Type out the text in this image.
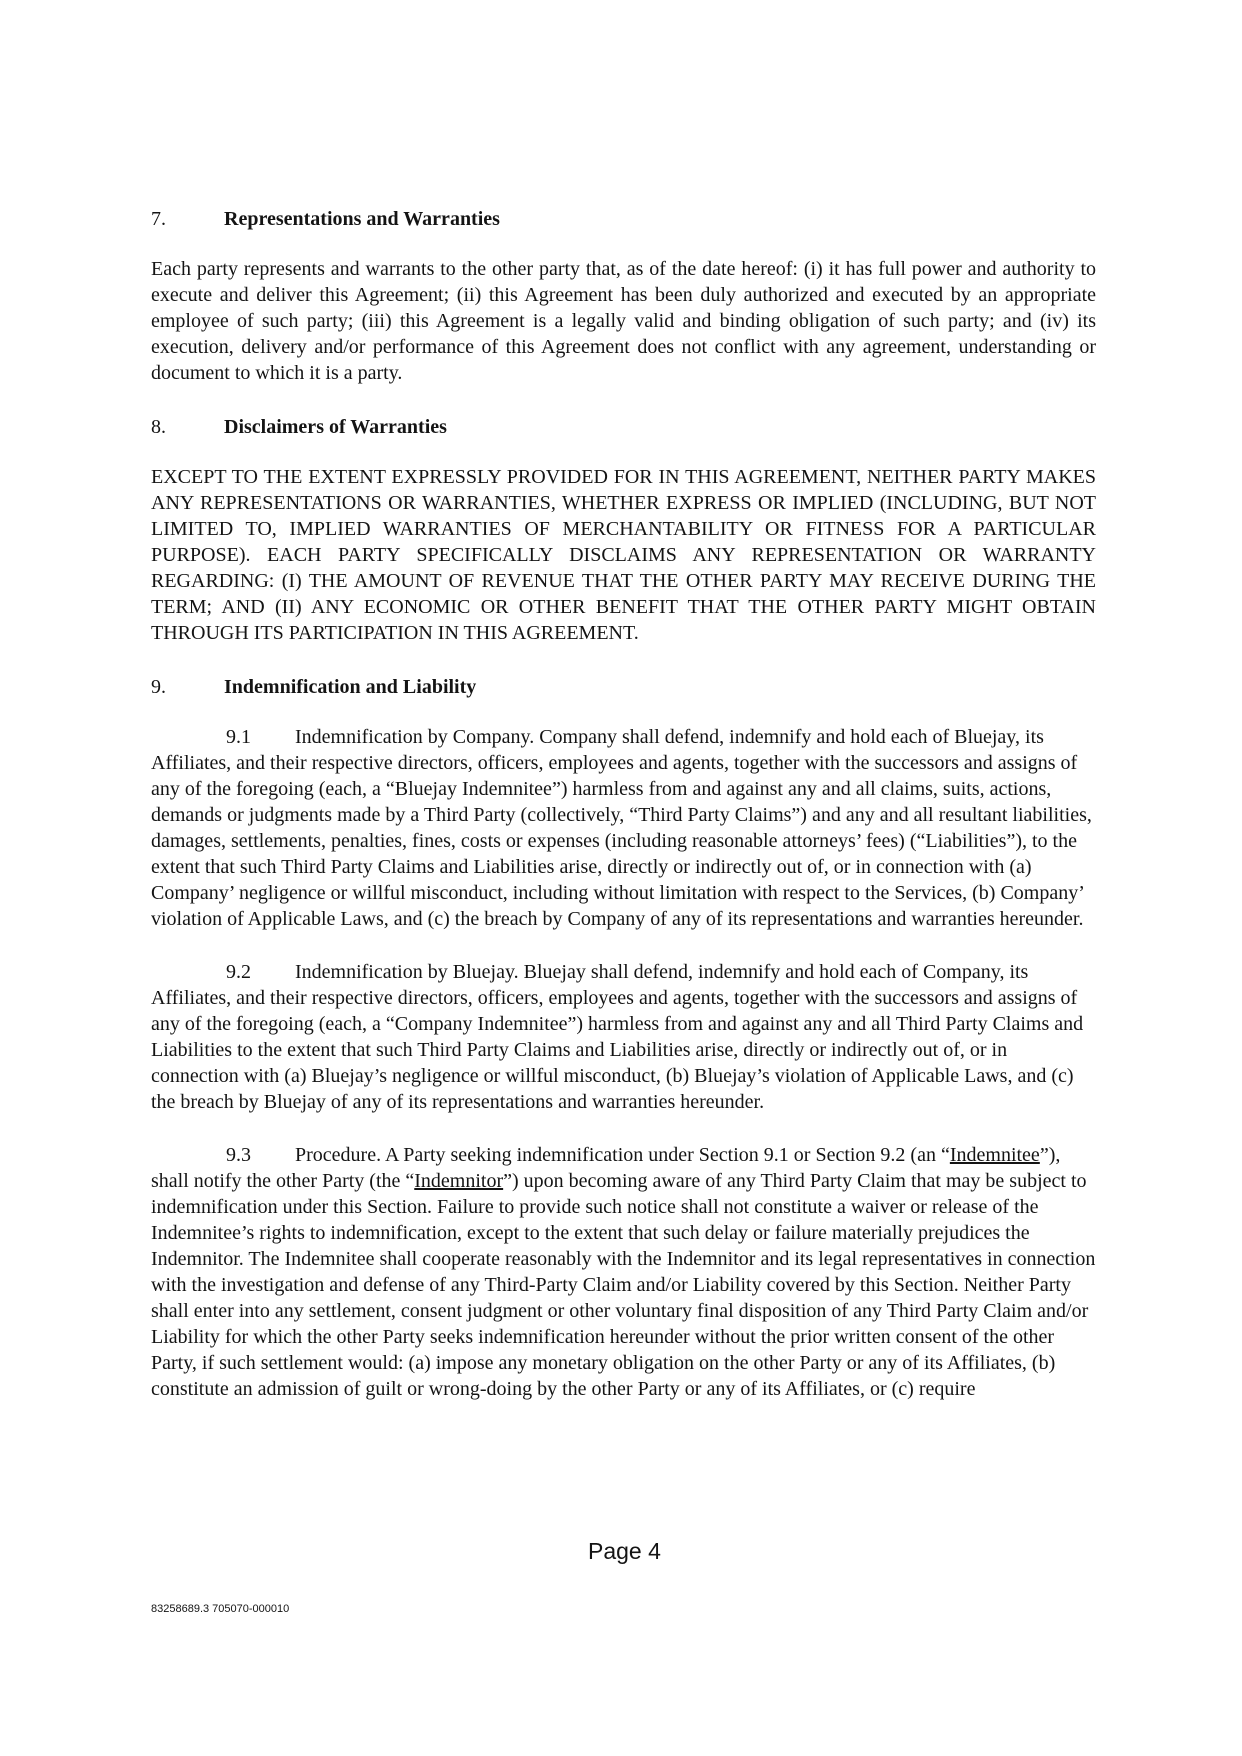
7.	Representations and Warranties

Each party represents and warrants to the other party that, as of the date hereof: (i) it has full power and authority to execute and deliver this Agreement; (ii) this Agreement has been duly authorized and executed by an appropriate employee of such party; (iii) this Agreement is a legally valid and binding obligation of such party; and (iv) its execution, delivery and/or performance of this Agreement does not conflict with any agreement, understanding or document to which it is a party.

8.	Disclaimers of Warranties

EXCEPT TO THE EXTENT EXPRESSLY PROVIDED FOR IN THIS AGREEMENT, NEITHER PARTY MAKES ANY REPRESENTATIONS OR WARRANTIES, WHETHER EXPRESS OR IMPLIED (INCLUDING, BUT NOT LIMITED TO, IMPLIED WARRANTIES OF MERCHANTABILITY OR FITNESS FOR A PARTICULAR PURPOSE). EACH PARTY SPECIFICALLY DISCLAIMS ANY REPRESENTATION OR WARRANTY REGARDING: (I) THE AMOUNT OF REVENUE THAT THE OTHER PARTY MAY RECEIVE DURING THE TERM; AND (II) ANY ECONOMIC OR OTHER BENEFIT THAT THE OTHER PARTY MIGHT OBTAIN THROUGH ITS PARTICIPATION IN THIS AGREEMENT.

9.	Indemnification and Liability

9.1 Indemnification by Company. Company shall defend, indemnify and hold each of Bluejay, its Affiliates, and their respective directors, officers, employees and agents, together with the successors and assigns of any of the foregoing (each, a “Bluejay Indemnitee”) harmless from and against any and all claims, suits, actions, demands or judgments made by a Third Party (collectively, “Third Party Claims”) and any and all resultant liabilities, damages, settlements, penalties, fines, costs or expenses (including reasonable attorneys’ fees) (“Liabilities”), to the extent that such Third Party Claims and Liabilities arise, directly or indirectly out of, or in connection with (a) Company’ negligence or willful misconduct, including without limitation with respect to the Services, (b) Company’ violation of Applicable Laws, and (c) the breach by Company of any of its representations and warranties hereunder.

9.2 Indemnification by Bluejay. Bluejay shall defend, indemnify and hold each of Company, its Affiliates, and their respective directors, officers, employees and agents, together with the successors and assigns of any of the foregoing (each, a “Company Indemnitee”) harmless from and against any and all Third Party Claims and Liabilities to the extent that such Third Party Claims and Liabilities arise, directly or indirectly out of, or in connection with (a) Bluejay’s negligence or willful misconduct, (b) Bluejay’s violation of Applicable Laws, and (c) the breach by Bluejay of any of its representations and warranties hereunder.

9.3 Procedure. A Party seeking indemnification under Section 9.1 or Section 9.2 (an “Indemnitee”), shall notify the other Party (the “Indemnitor”) upon becoming aware of any Third Party Claim that may be subject to indemnification under this Section. Failure to provide such notice shall not constitute a waiver or release of the Indemnitee’s rights to indemnification, except to the extent that such delay or failure materially prejudices the Indemnitor. The Indemnitee shall cooperate reasonably with the Indemnitor and its legal representatives in connection with the investigation and defense of any Third-Party Claim and/or Liability covered by this Section. Neither Party shall enter into any settlement, consent judgment or other voluntary final disposition of any Third Party Claim and/or Liability for which the other Party seeks indemnification hereunder without the prior written consent of the other Party, if such settlement would: (a) impose any monetary obligation on the other Party or any of its Affiliates, (b) constitute an admission of guilt or wrong-doing by the other Party or any of its Affiliates, or (c) require

Page 4
83258689.3 705070-000010
